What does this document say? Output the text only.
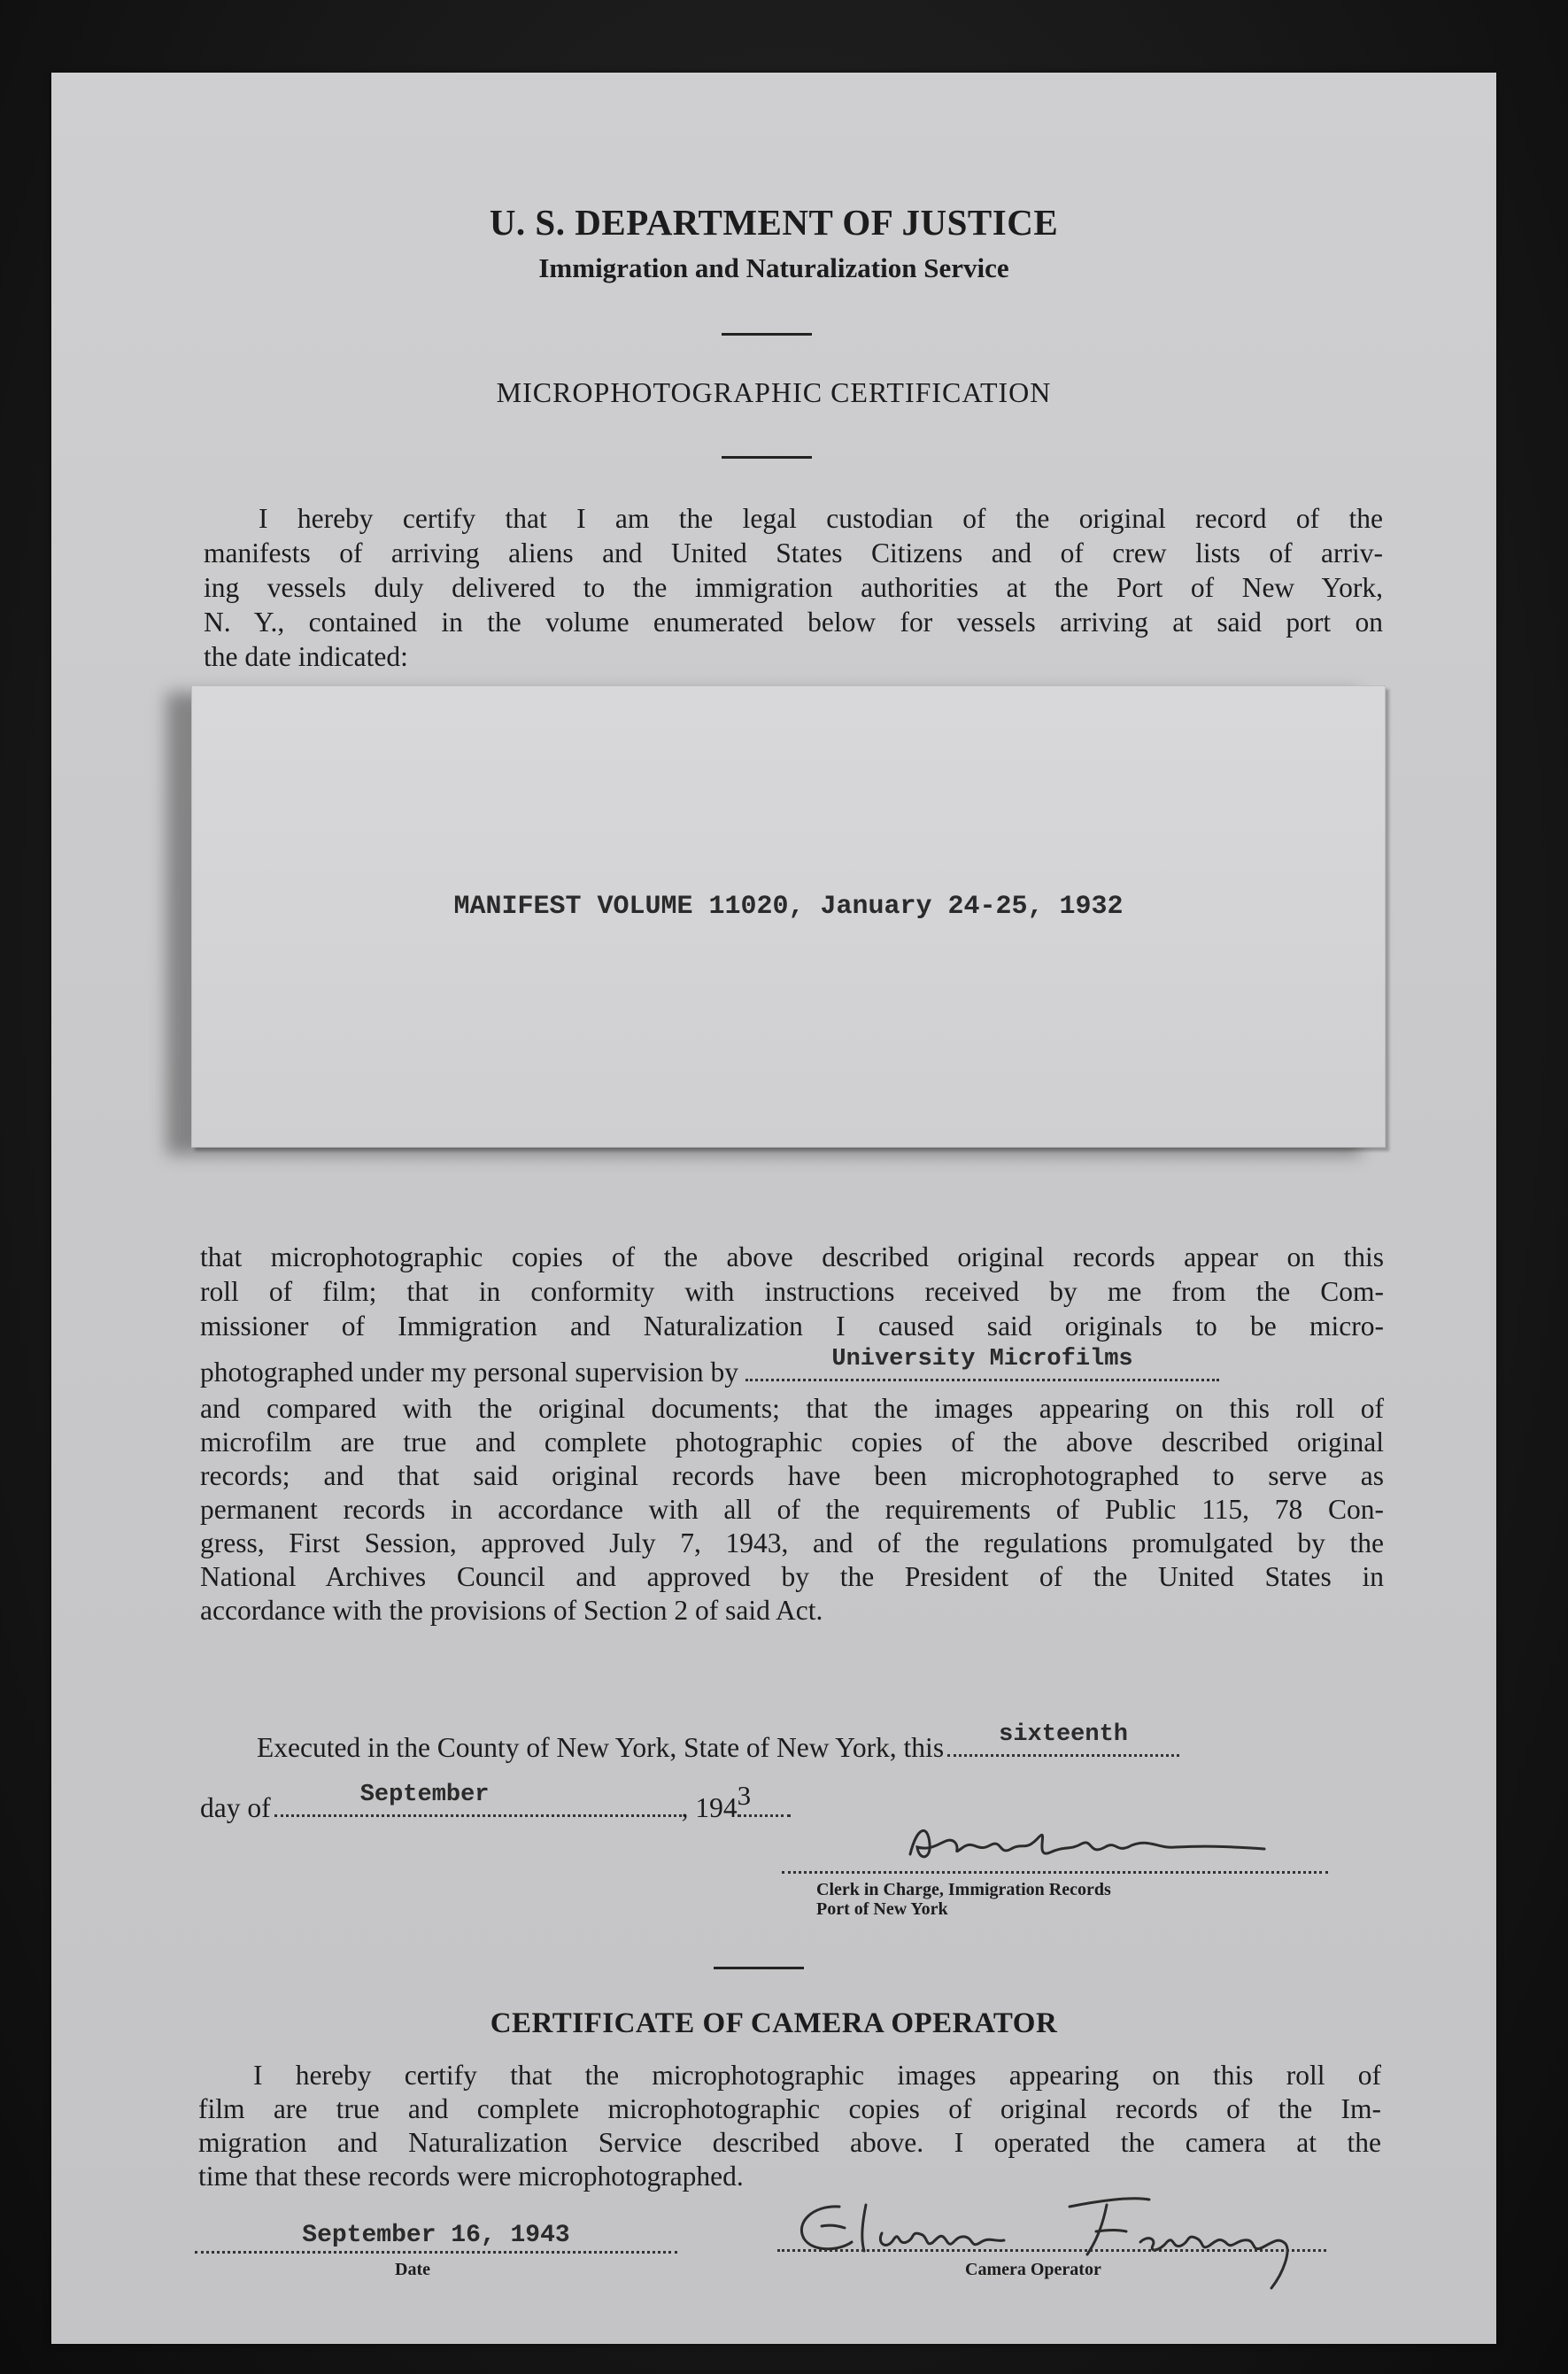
U. S. DEPARTMENT OF JUSTICE
Immigration and Naturalization Service
MICROPHOTOGRAPHIC CERTIFICATION
I hereby certify that I am the legal custodian of the original record of the
manifests of arriving aliens and United States Citizens and of crew lists of arriv-
ing vessels duly delivered to the immigration authorities at the Port of New York,
N. Y., contained in the volume enumerated below for vessels arriving at said port on
the date indicated:
MANIFEST VOLUME 11020, January 24-25, 1932
that microphotographic copies of the above described original records appear on this
roll of film; that in conformity with instructions received by me from the Com-
missioner of Immigration and Naturalization I caused said originals to be micro-
photographed under my personal supervision by	University Microfilms
and compared with the original documents; that the images appearing on this roll of
microfilm are true and complete photographic copies of the above described original
records; and that said original records have been microphotographed to serve as
permanent records in accordance with all of the requirements of Public 115, 78 Con-
gress, First Session, approved July 7, 1943, and of the regulations promulgated by the
National Archives Council and approved by the President of the United States in
accordance with the provisions of Section 2 of said Act.
Executed in the County of New York, State of New York, this	sixteenth
day of	September	, 194 3
Clerk in Charge, Immigration Records
Port of New York
CERTIFICATE OF CAMERA OPERATOR
I hereby certify that the microphotographic images appearing on this roll of
film are true and complete microphotographic copies of original records of the Im-
migration and Naturalization Service described above. I operated the camera at the
time that these records were microphotographed.
September 16, 1943
Date	Camera Operator
